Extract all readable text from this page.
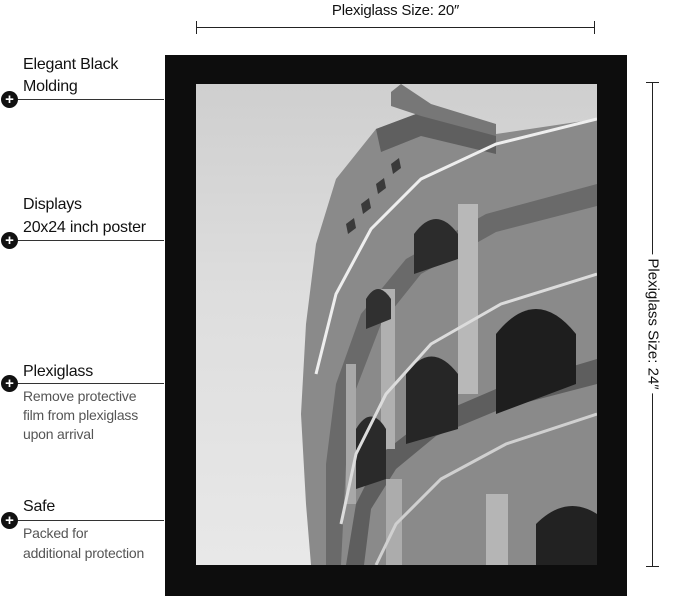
Plexiglass Size: 20″
Plexiglass Size: 24″
Elegant Black
Molding
+
Displays
20x24 inch poster
+
Plexiglass
+
Remove protective
film from plexiglass
upon arrival
Safe
+
Packed for
additional protection
